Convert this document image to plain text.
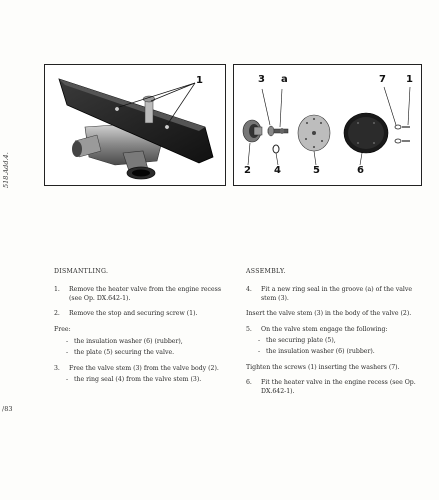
518.Add.4.
/83
1	3 a	7 1
2 4	5	6
DISMANTLING.
1.	Remove the heater valve from the engine recess (see Op. DX.642-1).
2.	Remove the stop and securing screw (1).
Free:
- the insulation washer (6) (rubber),
- the plate (5) securing the valve.
3.	Free the valve stem (3) from the valve body (2).
- the ring seal (4) from the valve stem (3).
ASSEMBLY.
4.	Fit a new ring seal in the groove (a) of the valve stem (3).
Insert the valve stem (3) in the body of the valve (2).
5.	On the valve stem engage the following:
- the securing plate (5),
- the insulation washer (6) (rubber).
Tighten the screws (1) inserting the washers (7).
6.	Fit the heater valve in the engine recess (see Op. DX.642-1).
